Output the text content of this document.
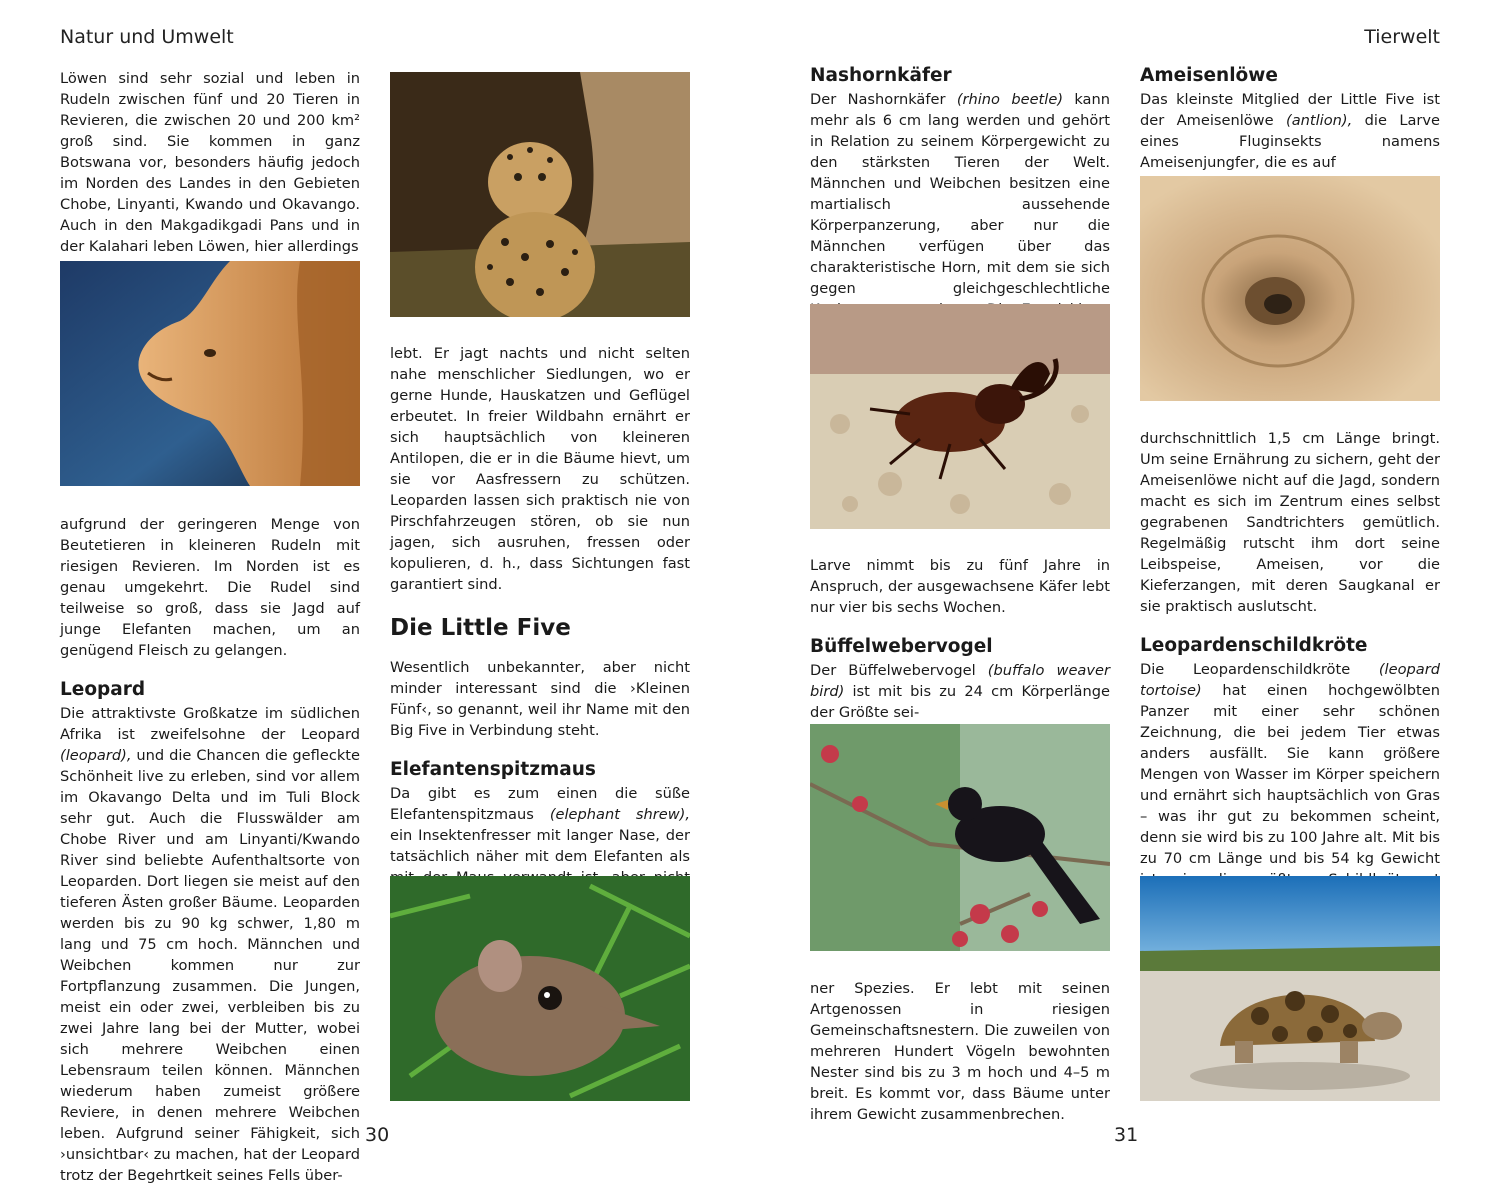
Natur und Umwelt	Tierwelt
30	31

Löwen sind sehr sozial und leben in Rudeln zwischen fünf und 20 Tieren in Revieren, die zwischen 20 und 200 km² groß sind. Sie kommen in ganz Botswana vor, besonders häufig jedoch im Norden des Landes in den Gebieten Chobe, Linyanti, Kwando und Okavango. Auch in den Makgadikgadi Pans und in der Kalahari leben Löwen, hier allerdings

aufgrund der geringeren Menge von Beutetieren in kleineren Rudeln mit riesigen Revieren. Im Norden ist es genau umgekehrt. Die Rudel sind teilweise so groß, dass sie Jagd auf junge Elefanten machen, um an genügend Fleisch zu gelangen.

Leopard

Die attraktivste Großkatze im südlichen Afrika ist zweifelsohne der Leopard (leopard), und die Chancen die gefleckte Schönheit live zu erleben, sind vor allem im Okavango Delta und im Tuli Block sehr gut. Auch die Flusswälder am Chobe River und am Linyanti/Kwando River sind beliebte Aufenthaltsorte von Leoparden. Dort liegen sie meist auf den tieferen Ästen großer Bäume. Leoparden werden bis zu 90 kg schwer, 1,80 m lang und 75 cm hoch. Männchen und Weibchen kommen nur zur Fortpflanzung zusammen. Die Jungen, meist ein oder zwei, verbleiben bis zu zwei Jahre lang bei der Mutter, wobei sich mehrere Weibchen einen Lebensraum teilen können. Männchen wiederum haben zumeist größere Reviere, in denen mehrere Weibchen leben. Aufgrund seiner Fähigkeit, sich ›unsichtbar‹ zu machen, hat der Leopard trotz der Begehrtkeit seines Fells über-

lebt. Er jagt nachts und nicht selten nahe menschlicher Siedlungen, wo er gerne Hunde, Hauskatzen und Geflügel erbeutet. In freier Wildbahn ernährt er sich hauptsächlich von kleineren Antilopen, die er in die Bäume hievt, um sie vor Aasfressern zu schützen. Leoparden lassen sich praktisch nie von Pirschfahrzeugen stören, ob sie nun jagen, sich ausruhen, fressen oder kopulieren, d. h., dass Sichtungen fast garantiert sind.

Die Little Five

Wesentlich unbekannter, aber nicht minder interessant sind die ›Kleinen Fünf‹, so genannt, weil ihr Name mit den Big Five in Verbindung steht.

Elefantenspitzmaus

Da gibt es zum einen die süße Elefantenspitzmaus (elephant shrew), ein Insektenfresser mit langer Nase, der tatsächlich näher mit dem Elefanten als

Nashornkäfer

Der Nashornkäfer (rhino beetle) kann mehr als 6 cm lang werden und gehört in Relation zu seinem Körpergewicht zu den stärksten Tieren der Welt. Männchen und Weibchen besitzen eine martialisch aussehende Körperpanzerung, aber nur die Männchen verfügen über das charakteristische Horn, mit dem sie sich gegen gleichgeschlechtliche

Larve nimmt bis zu fünf Jahre in Anspruch, der ausgewachsene Käfer lebt nur vier bis sechs Wochen.

Büffelwebervogel

Der Büffelwebervogel (buffalo weaver bird) ist mit bis zu 24 cm Körperlänge der Größte sei-

ner Spezies. Er lebt mit seinen Artgenossen in riesigen Gemeinschaftsnestern. Die zuweilen von mehreren Hundert Vögeln bewohnten Nester sind bis zu 3 m hoch und 4–5 m breit. Es kommt vor, dass Bäume unter ihrem Gewicht zusammenbrechen.

Ameisenlöwe

Das kleinste Mitglied der Little Five ist der Ameisenlöwe (antlion), die Larve eines Fluginsekts namens Ameisenjungfer, die es auf

durchschnittlich 1,5 cm Länge bringt. Um seine Ernährung zu sichern, geht der Ameisenlöwe nicht auf die Jagd, sondern macht es sich im Zentrum eines selbst gegrabenen Sandtrichters gemütlich. Regelmäßig rutscht ihm dort seine Leibspeise, Ameisen, vor die Kieferzangen, mit deren Saugkanal er sie praktisch auslutscht.

Leopardenschildkröte

Die Leopardenschildkröte (leopard tortoise) hat einen hochgewölbten Panzer mit einer sehr schönen Zeichnung, die bei jedem Tier etwas anders ausfällt. Sie kann größere Mengen von Wasser im Körper speichern und ernährt sich hauptsächlich von Gras – was ihr gut zu bekommen scheint, denn sie wird bis zu 100 Jahre alt. Mit bis zu 70 cm Länge und bis 54 kg Gewicht
